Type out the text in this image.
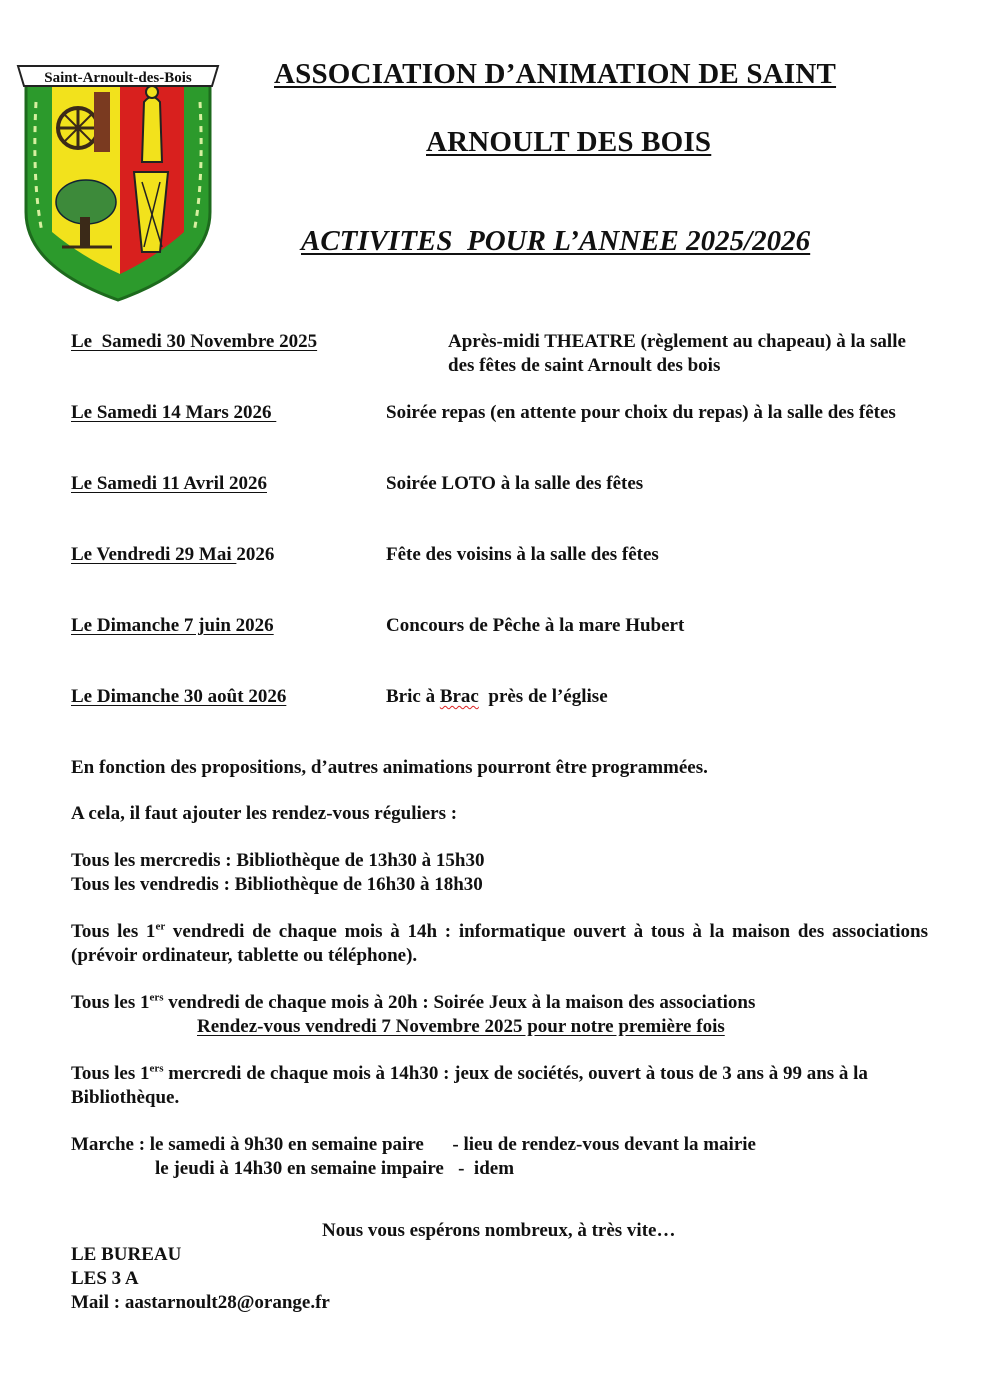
Saint-Arnoult-des-Bois	ASSOCIATION D’ANIMATION DE SAINT
ARNOULT DES BOIS
ACTIVITES  POUR L’ANNEE 2025/2026
Le  Samedi 30 Novembre 2025	Après-midi THEATRE (règlement au chapeau) à la salle des fêtes de saint Arnoult des bois
Le Samedi 14 Mars 2026	Soirée repas (en attente pour choix du repas) à la salle des fêtes
Le Samedi 11 Avril 2026	Soirée LOTO à la salle des fêtes
Le Vendredi 29 Mai 2026	Fête des voisins à la salle des fêtes
Le Dimanche 7 juin 2026	Concours de Pêche à la mare Hubert
Le Dimanche 30 août 2026	Bric à Brac  près de l’église
En fonction des propositions, d’autres animations pourront être programmées.
A cela, il faut ajouter les rendez-vous réguliers :
Tous les mercredis : Bibliothèque de 13h30 à 15h30
Tous les vendredis : Bibliothèque de 16h30 à 18h30
Tous les 1er vendredi de chaque mois à 14h : informatique ouvert à tous à la maison des associations (prévoir ordinateur, tablette ou téléphone).
Tous les 1ers vendredi de chaque mois à 20h : Soirée Jeux à la maison des associations
Rendez-vous vendredi 7 Novembre 2025 pour notre première fois
Tous les 1ers mercredi de chaque mois à 14h30 : jeux de sociétés, ouvert à tous de 3 ans à 99 ans à la Bibliothèque.
Marche : le samedi à 9h30 en semaine paire      - lieu de rendez-vous devant la mairie
le jeudi à 14h30 en semaine impaire   -  idem
Nous vous espérons nombreux, à très vite…
LE BUREAU
LES 3 A
Mail : aastarnoult28@orange.fr
